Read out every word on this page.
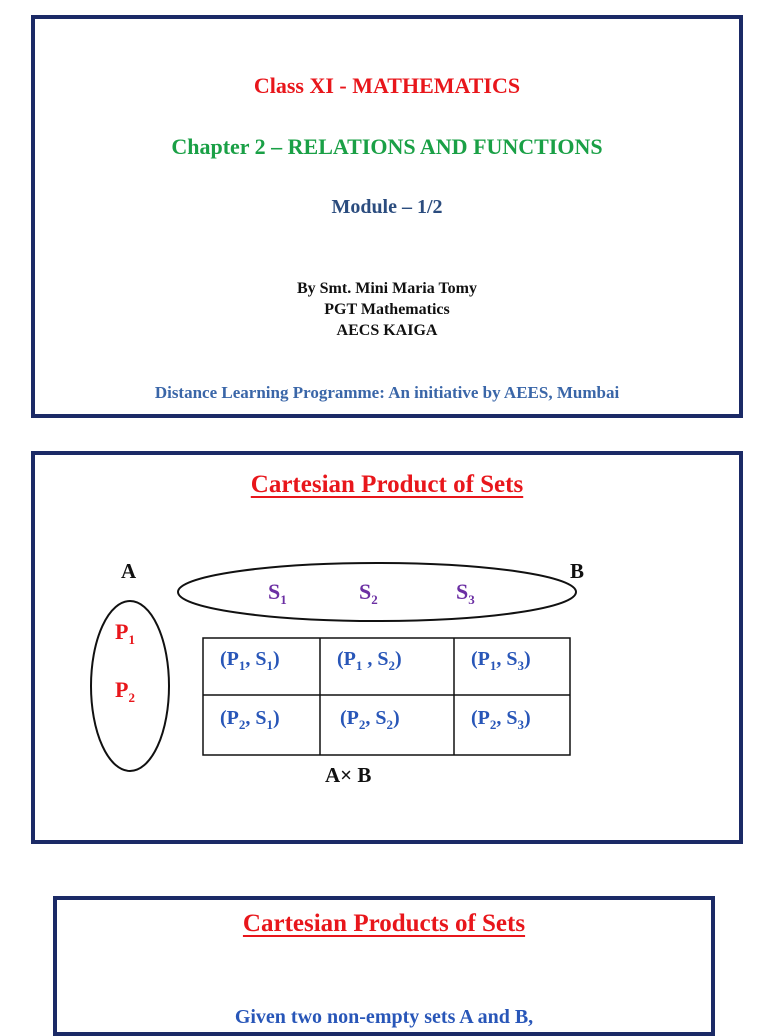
Class XI - MATHEMATICS
Chapter 2 – RELATIONS AND FUNCTIONS
Module – 1/2
By Smt. Mini Maria Tomy
PGT Mathematics
AECS KAIGA
Distance Learning Programme: An initiative by AEES, Mumbai
Cartesian Product of Sets
A	B
$P_1$
$P_2$
$S_1$	$S_2$	$S_3$
($P_1$, $S_1$)	($P_1$ , $S_2$)	($P_1$, $S_3$)
($P_2$, $S_1$)	($P_2$, $S_2$)	($P_2$, $S_3$)
A× B
Cartesian Products of Sets
Given two non-empty sets A and B,
